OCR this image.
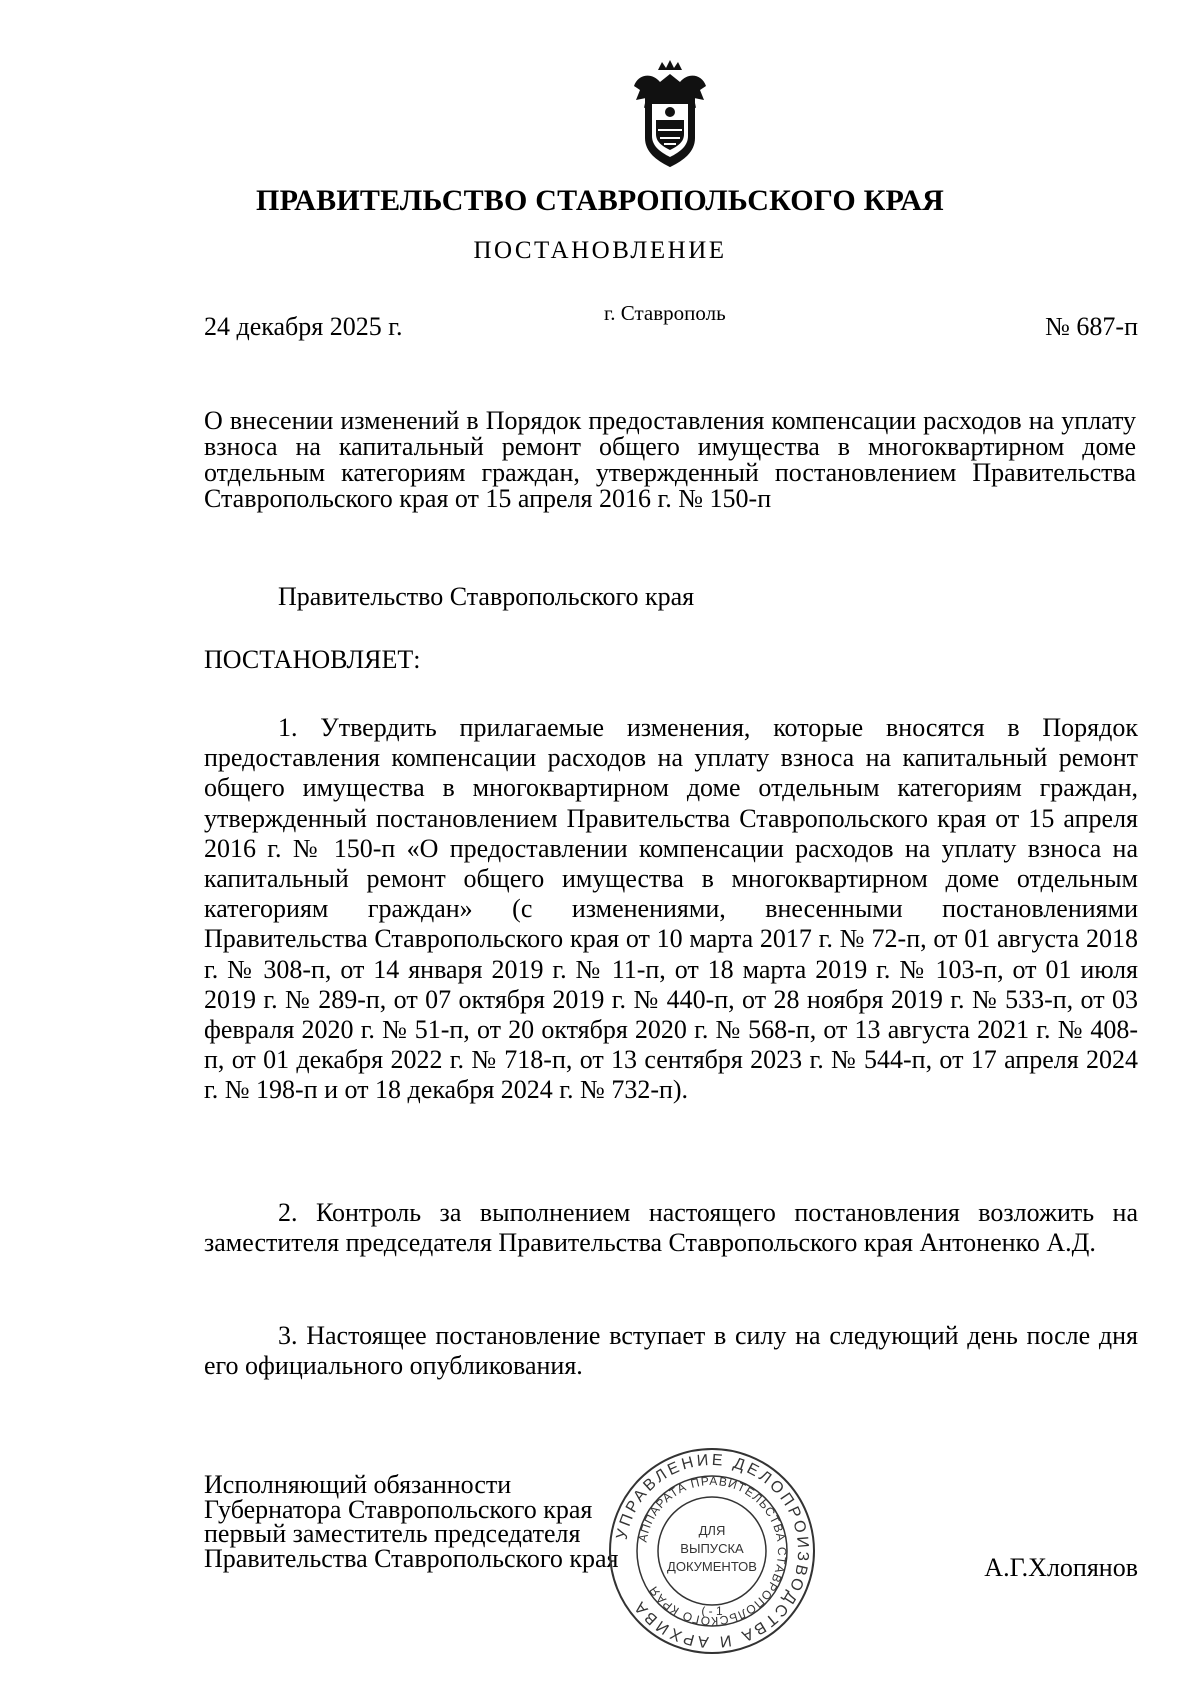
ПРАВИТЕЛЬСТВО СТАВРОПОЛЬСКОГО КРАЯ
ПОСТАНОВЛЕНИЕ
г. Ставрополь
24 декабря 2025 г.	№ 687-п
О внесении изменений в Порядок предоставления компенсации расходов на уплату взноса на капитальный ремонт общего имущества в многоквартирном доме отдельным категориям граждан, утвержденный постановлением Правительства Ставропольского края от 15 апреля 2016 г. № 150-п
Правительство Ставропольского края
ПОСТАНОВЛЯЕТ:
1. Утвердить прилагаемые изменения, которые вносятся в Порядок предоставления компенсации расходов на уплату взноса на капитальный ремонт общего имущества в многоквартирном доме отдельным категориям граждан, утвержденный постановлением Правительства Ставропольского края от 15 апреля 2016 г. № 150-п «О предоставлении компенсации расходов на уплату взноса на капитальный ремонт общего имущества в многоквартирном доме отдельным категориям граждан» (с изменениями, внесенными постановлениями Правительства Ставропольского края от 10 марта 2017 г. № 72-п, от 01 августа 2018 г. № 308-п, от 14 января 2019 г. № 11-п, от 18 марта 2019 г. № 103-п, от 01 июля 2019 г. № 289-п, от 07 октября 2019 г. № 440-п, от 28 ноября 2019 г. № 533-п, от 03 февраля 2020 г. № 51-п, от 20 октября 2020 г. № 568-п, от 13 августа 2021 г. № 408-п, от 01 декабря 2022 г. № 718-п, от 13 сентября 2023 г. № 544-п, от 17 апреля 2024 г. № 198-п и от 18 декабря 2024 г. № 732-п).
2. Контроль за выполнением настоящего постановления возложить на заместителя председателя Правительства Ставропольского края Антоненко А.Д.
3. Настоящее постановление вступает в силу на следующий день после дня его официального опубликования.
Исполняющий обязанности
Губернатора Ставропольского края
первый заместитель председателя
Правительства Ставропольского края	А.Г.Хлопянов
УПРАВЛЕНИЕ ДЕЛОПРОИЗВОДСТВА И АРХИВА
АППАРАТА ПРАВИТЕЛЬСТВА СТАВРОПОЛЬСКОГО КРАЯ
ДЛЯ
ВЫПУСКА
ДОКУМЕНТОВ
( - 1
